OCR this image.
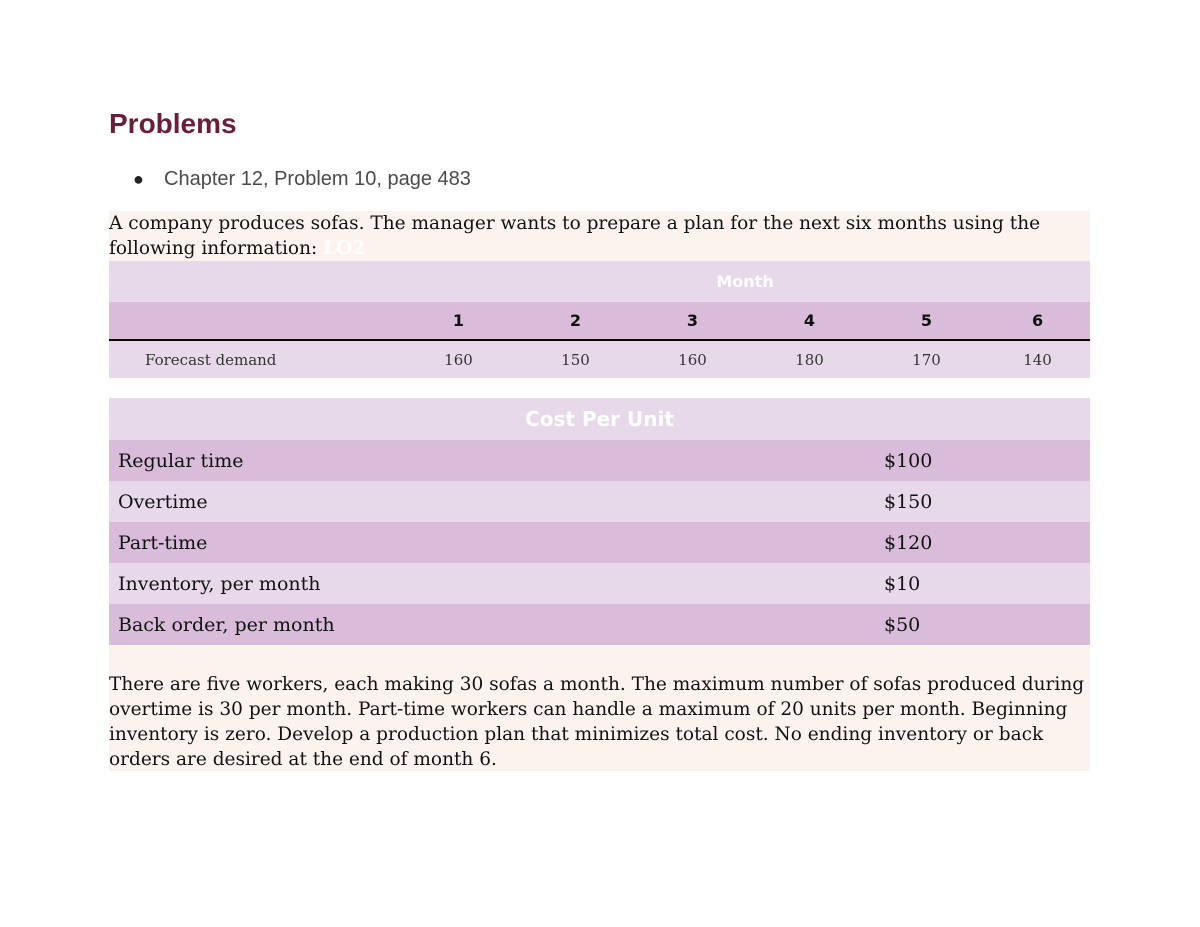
Problems
● Chapter 12, Problem 10, page 483
A company produces sofas. The manager wants to prepare a plan for the next six months using the following information: LO2
	Month					
	1	2	3	4	5	6
Forecast demand	160	150	160	180	170	140
Cost Per Unit	
Regular time	$100
Overtime	$150
Part-time	$120
Inventory, per month	$10
Back order, per month	$50
There are five workers, each making 30 sofas a month. The maximum number of sofas produced during overtime is 30 per month. Part-time workers can handle a maximum of 20 units per month. Beginning inventory is zero. Develop a production plan that minimizes total cost. No ending inventory or back orders are desired at the end of month 6.
